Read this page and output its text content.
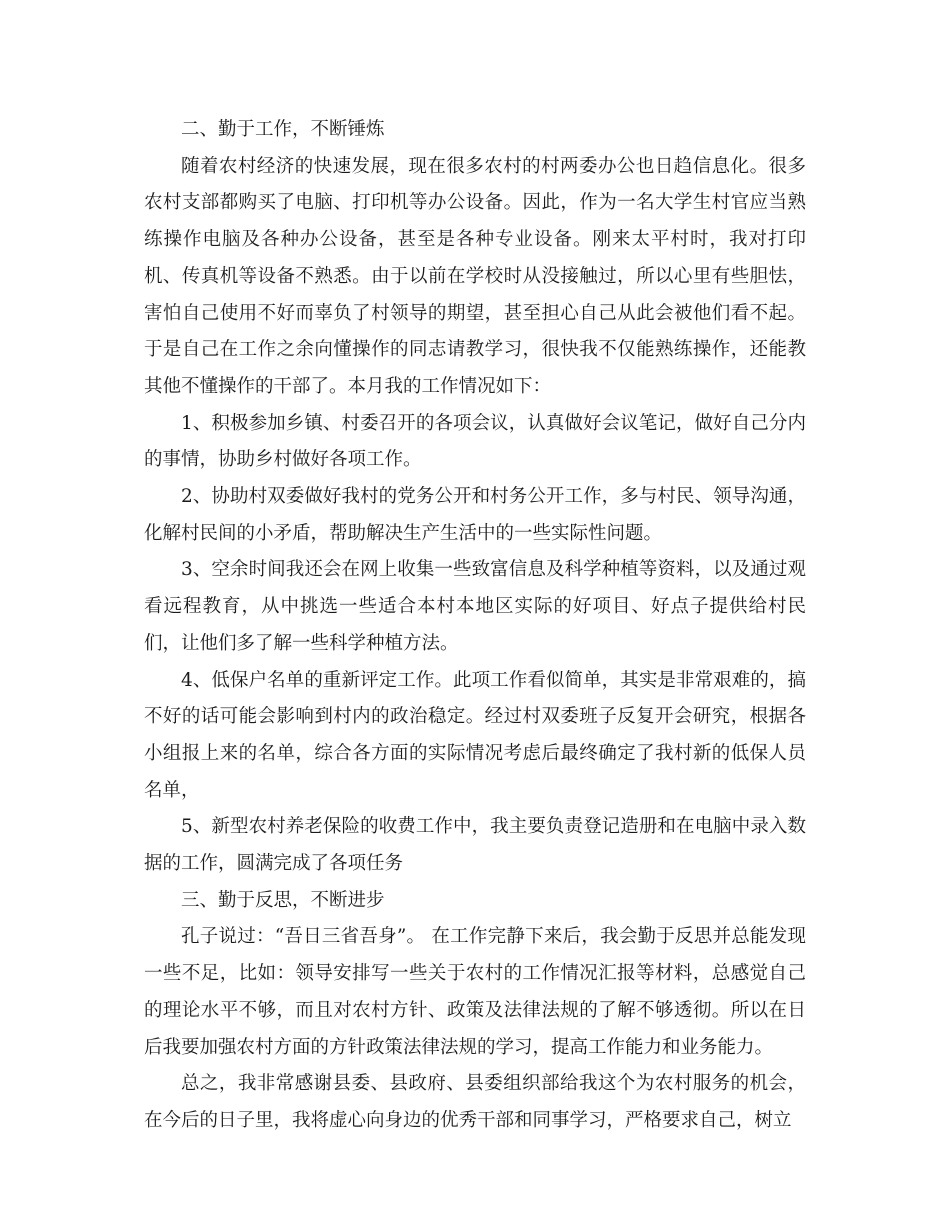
二、勤于工作，不断锤炼

随着农村经济的快速发展，现在很多农村的村两委办公也日趋信息化。很多农村支部都购买了电脑、打印机等办公设备。因此，作为一名大学生村官应当熟练操作电脑及各种办公设备，甚至是各种专业设备。刚来太平村时，我对打印机、传真机等设备不熟悉。由于以前在学校时从没接触过，所以心里有些胆怯，害怕自己使用不好而辜负了村领导的期望，甚至担心自己从此会被他们看不起。于是自己在工作之余向懂操作的同志请教学习，很快我不仅能熟练操作，还能教其他不懂操作的干部了。本月我的工作情况如下：

1、积极参加乡镇、村委召开的各项会议，认真做好会议笔记，做好自己分内的事情，协助乡村做好各项工作。

2、协助村双委做好我村的党务公开和村务公开工作，多与村民、领导沟通，化解村民间的小矛盾，帮助解决生产生活中的一些实际性问题。

3、空余时间我还会在网上收集一些致富信息及科学种植等资料，以及通过观看远程教育，从中挑选一些适合本村本地区实际的好项目、好点子提供给村民们，让他们多了解一些科学种植方法。

4、低保户名单的重新评定工作。此项工作看似简单，其实是非常艰难的，搞不好的话可能会影响到村内的政治稳定。经过村双委班子反复开会研究，根据各小组报上来的名单，综合各方面的实际情况考虑后最终确定了我村新的低保人员名单，

5、新型农村养老保险的收费工作中，我主要负责登记造册和在电脑中录入数据的工作，圆满完成了各项任务

三、勤于反思，不断进步

孔子说过：“吾日三省吾身”。 在工作完静下来后，我会勤于反思并总能发现一些不足，比如：领导安排写一些关于农村的工作情况汇报等材料，总感觉自己的理论水平不够，而且对农村方针、政策及法律法规的了解不够透彻。所以在日后我要加强农村方面的方针政策法律法规的学习，提高工作能力和业务能力。

总之，我非常感谢县委、县政府、县委组织部给我这个为农村服务的机会，在今后的日子里，我将虚心向身边的优秀干部和同事学习，严格要求自己，树立
